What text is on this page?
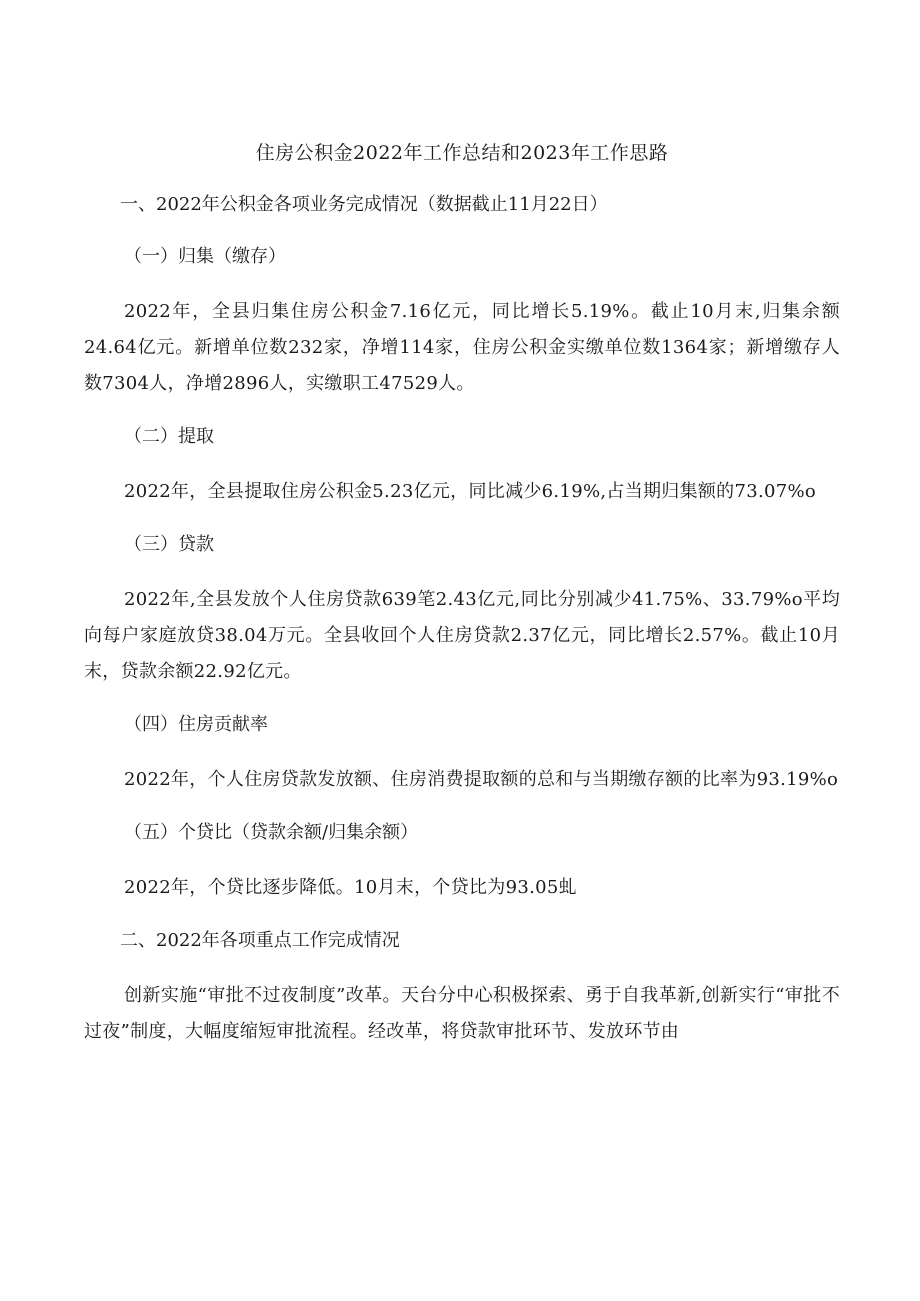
住房公积金2022年工作总结和2023年工作思路
一、2022年公积金各项业务完成情况（数据截止11月22日）
（一）归集（缴存）

2022年，全县归集住房公积金7.16亿元，同比增长5.19%。截止10月末,归集余额24.64亿元。新增单位数232家，净增114家，住房公积金实缴单位数1364家；新增缴存人数7304人，净增2896人，实缴职工47529人。

（二）提取

2022年，全县提取住房公积金5.23亿元，同比减少6.19%,占当期归集额的73.07%o

（三）贷款

2022年,全县发放个人住房贷款639笔2.43亿元,同比分别减少41.75%、33.79%o平均向每户家庭放贷38.04万元。全县收回个人住房贷款2.37亿元，同比增长2.57%。截止10月末，贷款余额22.92亿元。

（四）住房贡献率

2022年，个人住房贷款发放额、住房消费提取额的总和与当期缴存额的比率为93.19%o

（五）个贷比（贷款余额/归集余额）

2022年，个贷比逐步降低。10月末，个贷比为93.05虬

二、2022年各项重点工作完成情况

创新实施“审批不过夜制度”改革。天台分中心积极探索、勇于自我革新,创新实行“审批不过夜”制度，大幅度缩短审批流程。经改革，将贷款审批环节、发放环节由
